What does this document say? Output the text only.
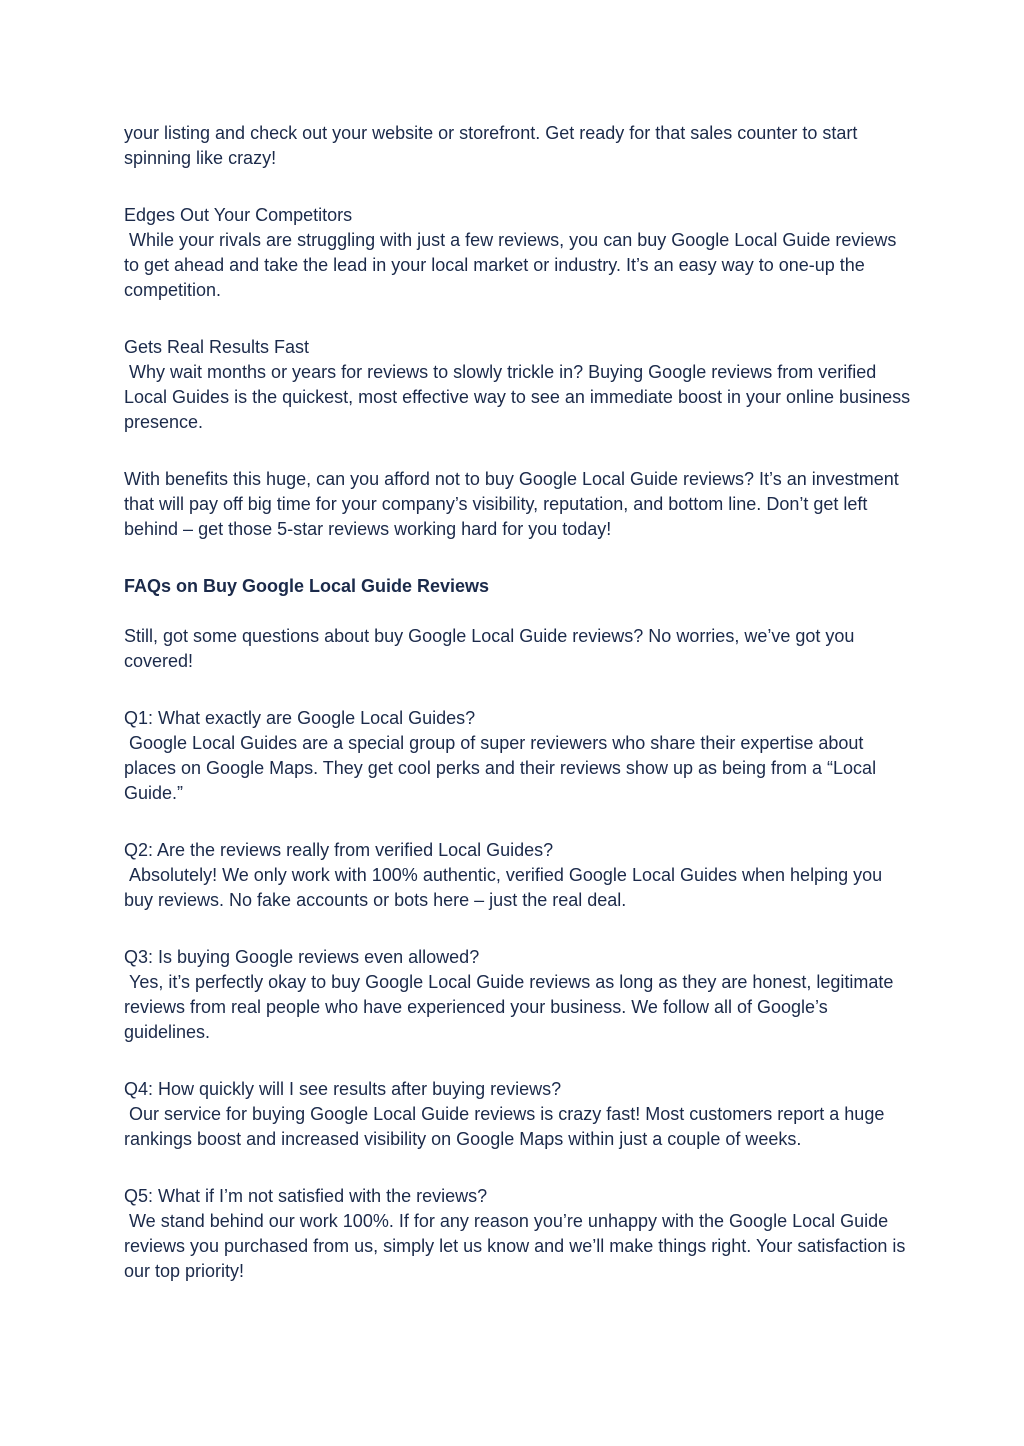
your listing and check out your website or storefront. Get ready for that sales counter to start spinning like crazy!

Edges Out Your Competitors
While your rivals are struggling with just a few reviews, you can buy Google Local Guide reviews to get ahead and take the lead in your local market or industry. It’s an easy way to one-up the competition.

Gets Real Results Fast
Why wait months or years for reviews to slowly trickle in? Buying Google reviews from verified Local Guides is the quickest, most effective way to see an immediate boost in your online business presence.

With benefits this huge, can you afford not to buy Google Local Guide reviews? It’s an investment that will pay off big time for your company’s visibility, reputation, and bottom line. Don’t get left behind – get those 5-star reviews working hard for you today!

FAQs on Buy Google Local Guide Reviews

Still, got some questions about buy Google Local Guide reviews? No worries, we’ve got you covered!

Q1: What exactly are Google Local Guides?
Google Local Guides are a special group of super reviewers who share their expertise about places on Google Maps. They get cool perks and their reviews show up as being from a “Local Guide.”

Q2: Are the reviews really from verified Local Guides?
Absolutely! We only work with 100% authentic, verified Google Local Guides when helping you buy reviews. No fake accounts or bots here – just the real deal.

Q3: Is buying Google reviews even allowed?
Yes, it’s perfectly okay to buy Google Local Guide reviews as long as they are honest, legitimate reviews from real people who have experienced your business. We follow all of Google’s guidelines.

Q4: How quickly will I see results after buying reviews?
Our service for buying Google Local Guide reviews is crazy fast! Most customers report a huge rankings boost and increased visibility on Google Maps within just a couple of weeks.

Q5: What if I’m not satisfied with the reviews?
We stand behind our work 100%. If for any reason you’re unhappy with the Google Local Guide reviews you purchased from us, simply let us know and we’ll make things right. Your satisfaction is our top priority!
